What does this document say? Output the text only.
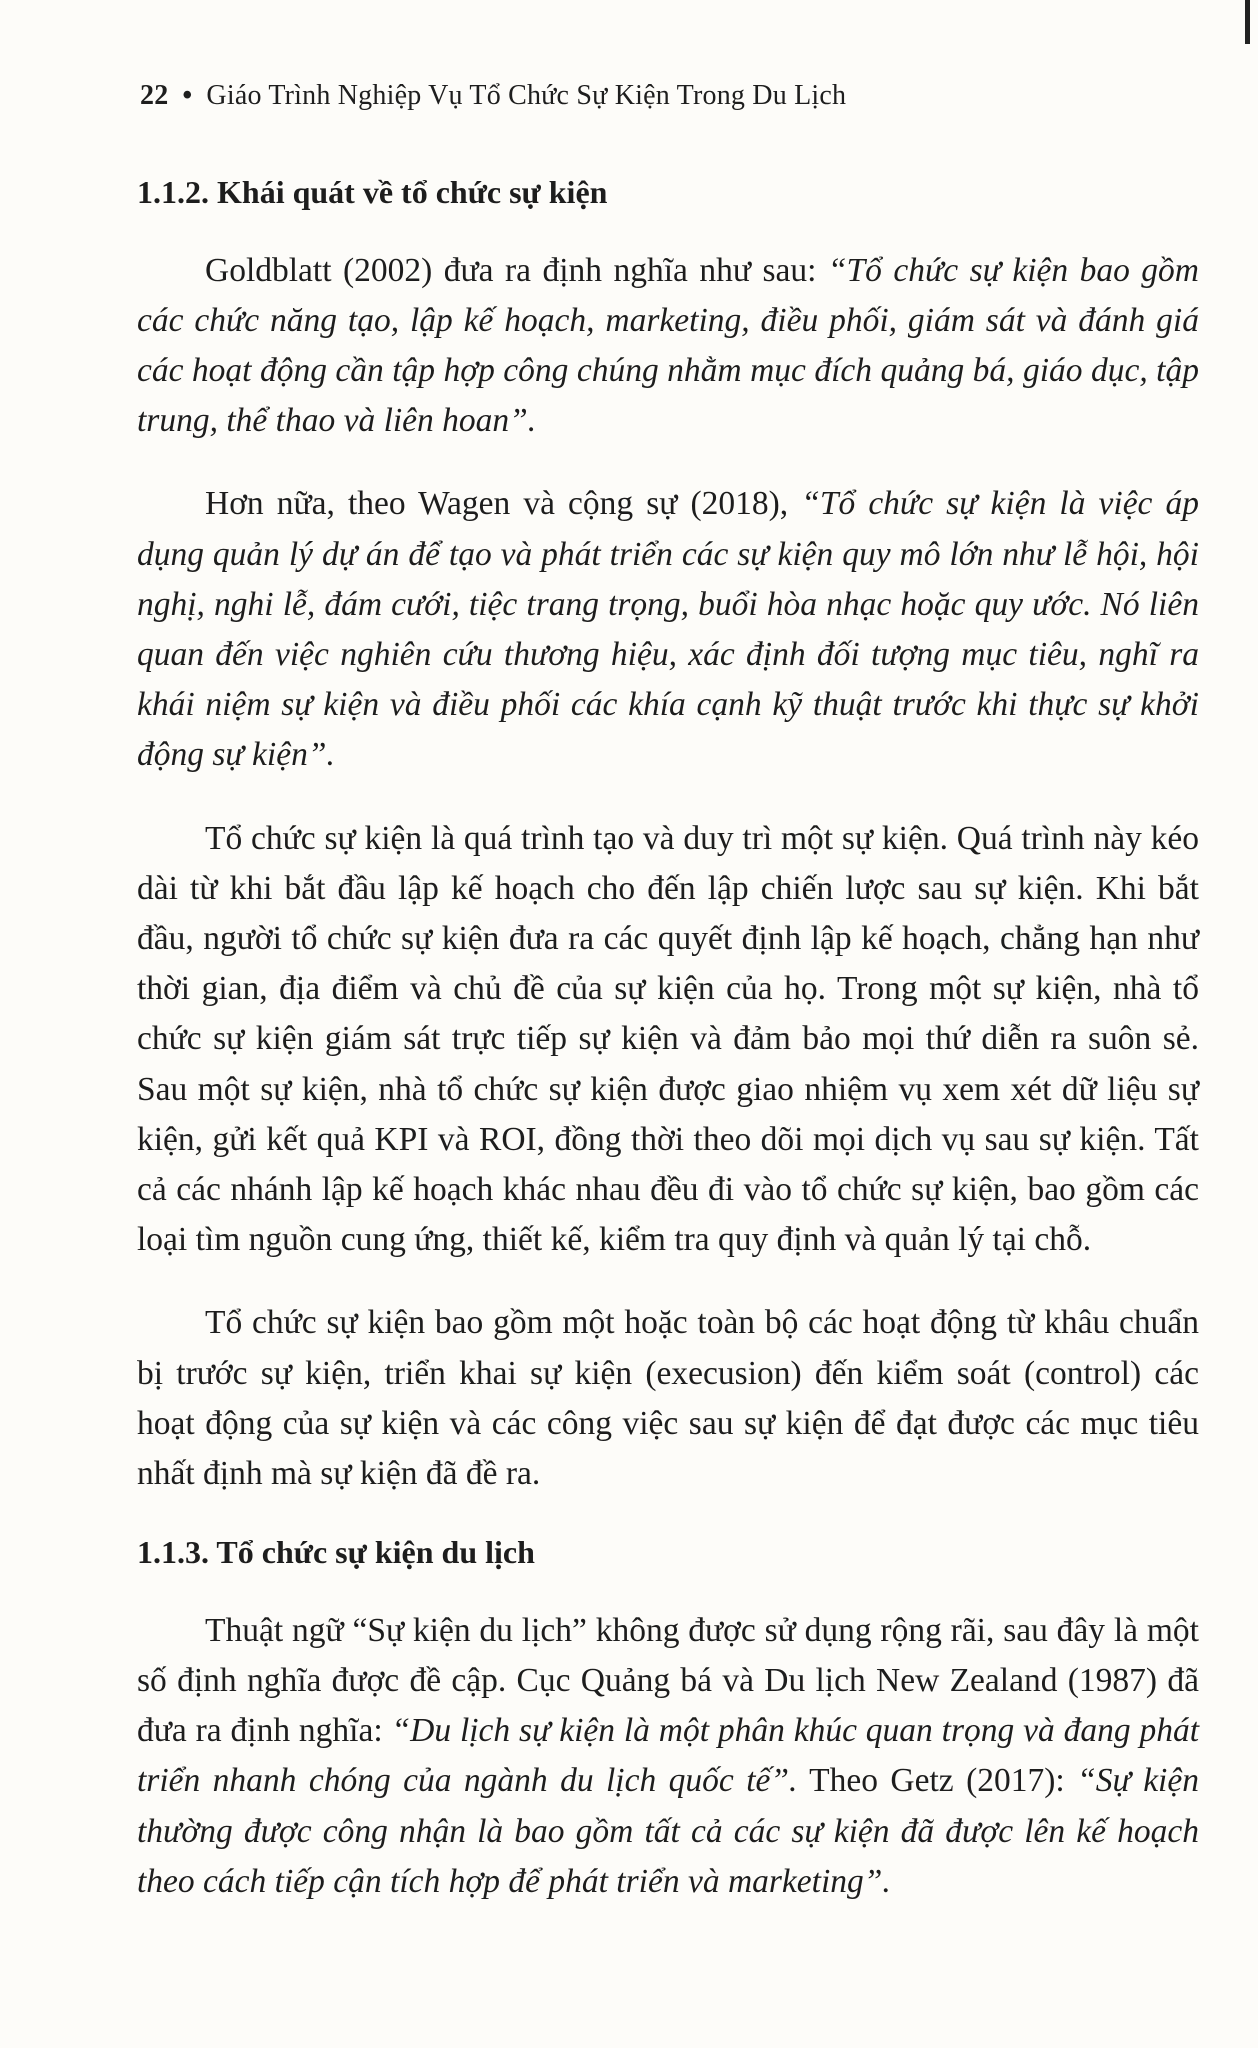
22 • Giáo Trình Nghiệp Vụ Tổ Chức Sự Kiện Trong Du Lịch
1.1.2. Khái quát về tổ chức sự kiện

Goldblatt (2002) đưa ra định nghĩa như sau: “Tổ chức sự kiện bao gồm các chức năng tạo, lập kế hoạch, marketing, điều phối, giám sát và đánh giá các hoạt động cần tập hợp công chúng nhằm mục đích quảng bá, giáo dục, tập trung, thể thao và liên hoan”.

Hơn nữa, theo Wagen và cộng sự (2018), “Tổ chức sự kiện là việc áp dụng quản lý dự án để tạo và phát triển các sự kiện quy mô lớn như lễ hội, hội nghị, nghi lễ, đám cưới, tiệc trang trọng, buổi hòa nhạc hoặc quy ước. Nó liên quan đến việc nghiên cứu thương hiệu, xác định đối tượng mục tiêu, nghĩ ra khái niệm sự kiện và điều phối các khía cạnh kỹ thuật trước khi thực sự khởi động sự kiện”.

Tổ chức sự kiện là quá trình tạo và duy trì một sự kiện. Quá trình này kéo dài từ khi bắt đầu lập kế hoạch cho đến lập chiến lược sau sự kiện. Khi bắt đầu, người tổ chức sự kiện đưa ra các quyết định lập kế hoạch, chẳng hạn như thời gian, địa điểm và chủ đề của sự kiện của họ. Trong một sự kiện, nhà tổ chức sự kiện giám sát trực tiếp sự kiện và đảm bảo mọi thứ diễn ra suôn sẻ. Sau một sự kiện, nhà tổ chức sự kiện được giao nhiệm vụ xem xét dữ liệu sự kiện, gửi kết quả KPI và ROI, đồng thời theo dõi mọi dịch vụ sau sự kiện. Tất cả các nhánh lập kế hoạch khác nhau đều đi vào tổ chức sự kiện, bao gồm các loại tìm nguồn cung ứng, thiết kế, kiểm tra quy định và quản lý tại chỗ.

Tổ chức sự kiện bao gồm một hoặc toàn bộ các hoạt động từ khâu chuẩn bị trước sự kiện, triển khai sự kiện (execusion) đến kiểm soát (control) các hoạt động của sự kiện và các công việc sau sự kiện để đạt được các mục tiêu nhất định mà sự kiện đã đề ra.

1.1.3. Tổ chức sự kiện du lịch

Thuật ngữ “Sự kiện du lịch” không được sử dụng rộng rãi, sau đây là một số định nghĩa được đề cập. Cục Quảng bá và Du lịch New Zealand (1987) đã đưa ra định nghĩa: “Du lịch sự kiện là một phân khúc quan trọng và đang phát triển nhanh chóng của ngành du lịch quốc tế”. Theo Getz (2017): “Sự kiện thường được công nhận là bao gồm tất cả các sự kiện đã được lên kế hoạch theo cách tiếp cận tích hợp để phát triển và marketing”.
